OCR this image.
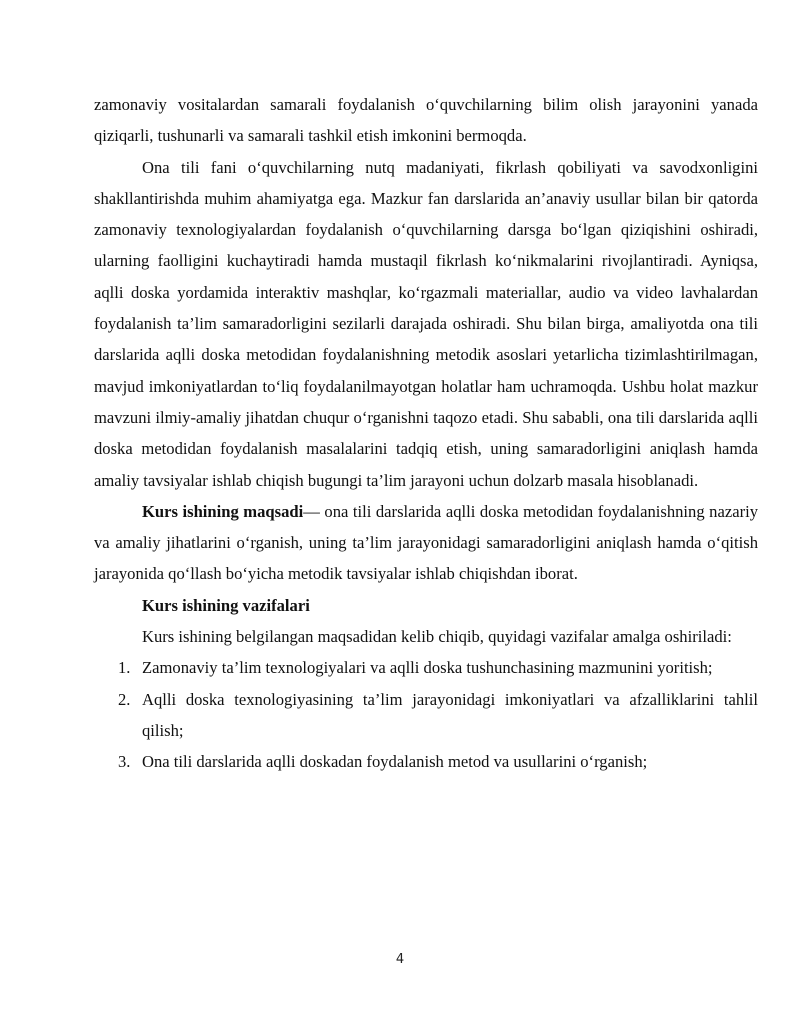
zamonaviy vositalardan samarali foydalanish o‘quvchilarning bilim olish jarayonini yanada qiziqarli, tushunarli va samarali tashkil etish imkonini bermoqda.

Ona tili fani o‘quvchilarning nutq madaniyati, fikrlash qobiliyati va savodxonligini shakllantirishda muhim ahamiyatga ega. Mazkur fan darslarida an’anaviy usullar bilan bir qatorda zamonaviy texnologiyalardan foydalanish o‘quvchilarning darsga bo‘lgan qiziqishini oshiradi, ularning faolligini kuchaytiradi hamda mustaqil fikrlash ko‘nikmalarini rivojlantiradi. Ayniqsa, aqlli doska yordamida interaktiv mashqlar, ko‘rgazmali materiallar, audio va video lavhalardan foydalanish ta’lim samaradorligini sezilarli darajada oshiradi. Shu bilan birga, amaliyotda ona tili darslarida aqlli doska metodidan foydalanishning metodik asoslari yetarlicha tizimlashtirilmagan, mavjud imkoniyatlardan to‘liq foydalanilmayotgan holatlar ham uchramoqda. Ushbu holat mazkur mavzuni ilmiy-amaliy jihatdan chuqur o‘rganishni taqozo etadi. Shu sababli, ona tili darslarida aqlli doska metodidan foydalanish masalalarini tadqiq etish, uning samaradorligini aniqlash hamda amaliy tavsiyalar ishlab chiqish bugungi ta’lim jarayoni uchun dolzarb masala hisoblanadi.

Kurs ishining maqsadi— ona tili darslarida aqlli doska metodidan foydalanishning nazariy va amaliy jihatlarini o‘rganish, uning ta’lim jarayonidagi samaradorligini aniqlash hamda o‘qitish jarayonida qo‘llash bo‘yicha metodik tavsiyalar ishlab chiqishdan iborat.

Kurs ishining vazifalari

Kurs ishining belgilangan maqsadidan kelib chiqib, quyidagi vazifalar amalga oshiriladi:

1. Zamonaviy ta’lim texnologiyalari va aqlli doska tushunchasining mazmunini yoritish;
2. Aqlli doska texnologiyasining ta’lim jarayonidagi imkoniyatlari va afzalliklarini tahlil qilish;
3. Ona tili darslarida aqlli doskadan foydalanish metod va usullarini o‘rganish;
4
